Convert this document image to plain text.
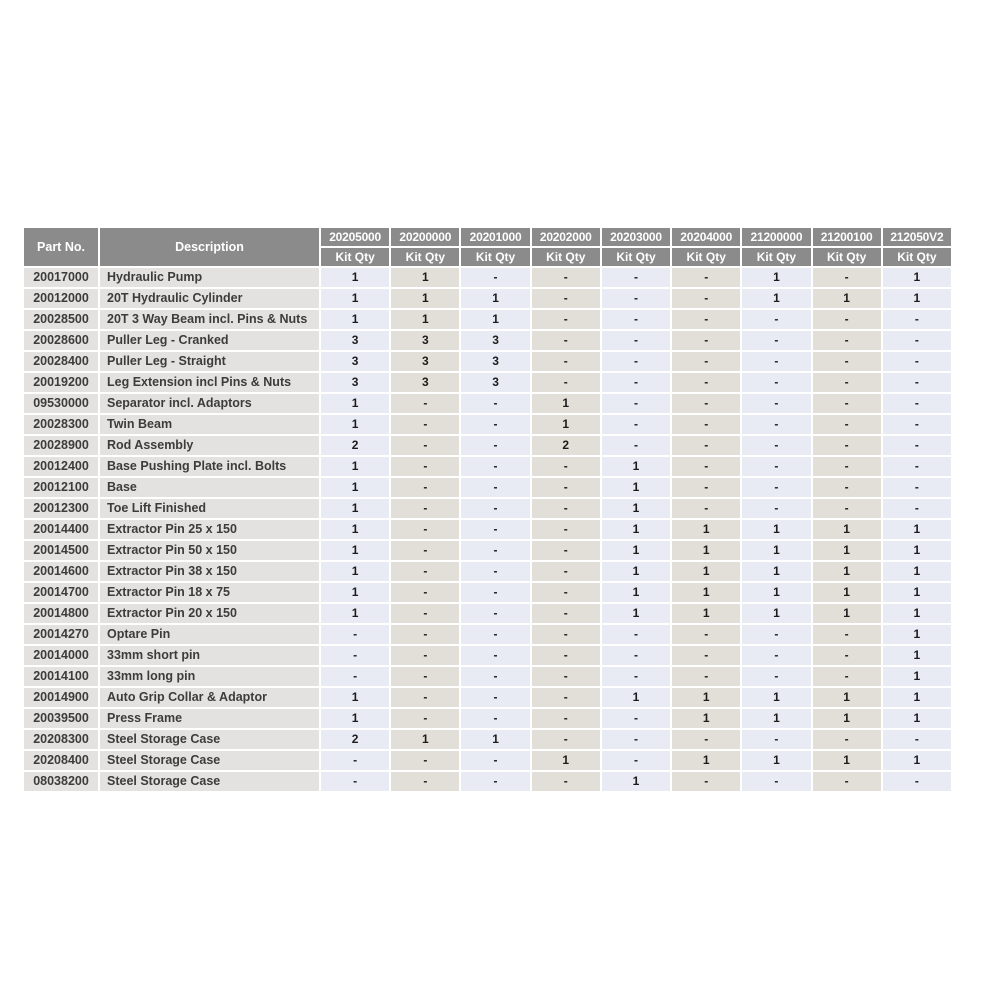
Part No.	Description	20205000	20200000	20201000	20202000	20203000	20204000	21200000	21200100	212050V2
		Kit Qty	Kit Qty	Kit Qty	Kit Qty	Kit Qty	Kit Qty	Kit Qty	Kit Qty	Kit Qty
20017000	Hydraulic Pump	1	1	-	-	-	-	1	-	1
20012000	20T Hydraulic Cylinder	1	1	1	-	-	-	1	1	1
20028500	20T 3 Way Beam incl. Pins & Nuts	1	1	1	-	-	-	-	-	-
20028600	Puller Leg - Cranked	3	3	3	-	-	-	-	-	-
20028400	Puller Leg - Straight	3	3	3	-	-	-	-	-	-
20019200	Leg Extension incl Pins & Nuts	3	3	3	-	-	-	-	-	-
09530000	Separator incl. Adaptors	1	-	-	1	-	-	-	-	-
20028300	Twin Beam	1	-	-	1	-	-	-	-	-
20028900	Rod Assembly	2	-	-	2	-	-	-	-	-
20012400	Base Pushing Plate incl. Bolts	1	-	-	-	1	-	-	-	-
20012100	Base	1	-	-	-	1	-	-	-	-
20012300	Toe Lift Finished	1	-	-	-	1	-	-	-	-
20014400	Extractor Pin 25 x 150	1	-	-	-	1	1	1	1	1
20014500	Extractor Pin 50 x 150	1	-	-	-	1	1	1	1	1
20014600	Extractor Pin 38 x 150	1	-	-	-	1	1	1	1	1
20014700	Extractor Pin 18 x 75	1	-	-	-	1	1	1	1	1
20014800	Extractor Pin 20 x 150	1	-	-	-	1	1	1	1	1
20014270	Optare Pin	-	-	-	-	-	-	-	-	1
20014000	33mm short pin	-	-	-	-	-	-	-	-	1
20014100	33mm long pin	-	-	-	-	-	-	-	-	1
20014900	Auto Grip Collar & Adaptor	1	-	-	-	1	1	1	1	1
20039500	Press Frame	1	-	-	-	-	1	1	1	1
20208300	Steel Storage Case	2	1	1	-	-	-	-	-	-
20208400	Steel Storage Case	-	-	-	1	-	1	1	1	1
08038200	Steel Storage Case	-	-	-	-	1	-	-	-	-
